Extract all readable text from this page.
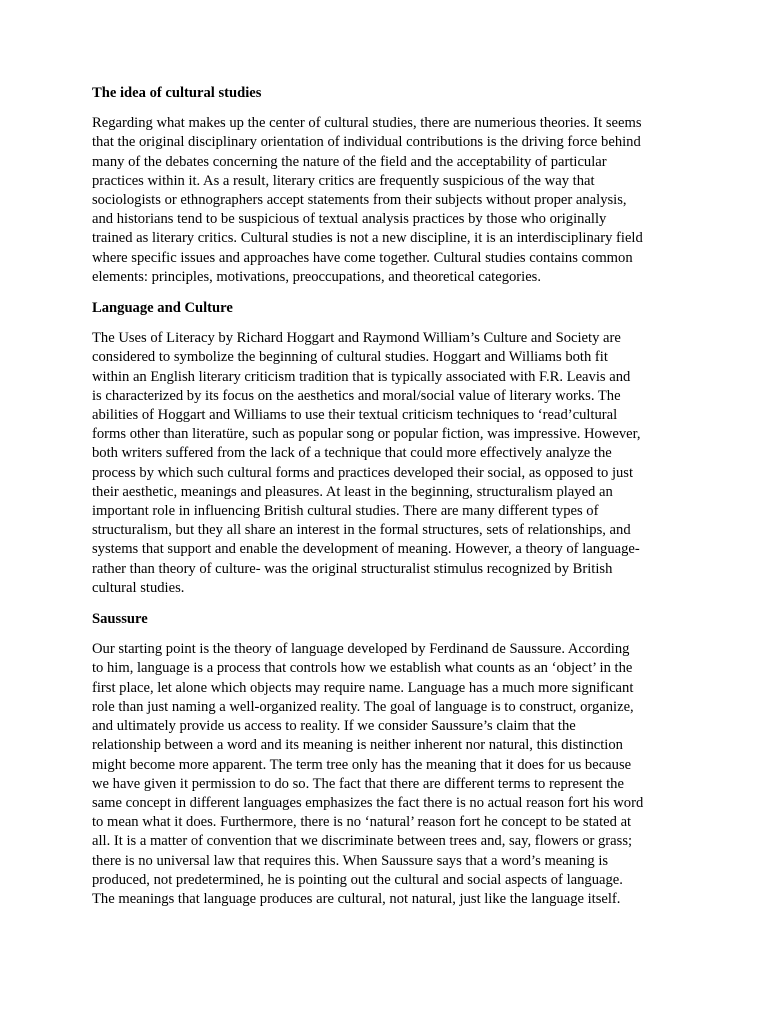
The idea of cultural studies

Regarding what makes up the center of cultural studies, there are numerious theories. It seems
that the original disciplinary orientation of individual contributions is the driving force behind
many of the debates concerning the nature of the field and the acceptability of particular
practices within it. As a result, literary critics are frequently suspicious of the way that
sociologists or ethnographers accept statements from their subjects without proper analysis,
and historians tend to be suspicious of textual analysis practices by those who originally
trained as literary critics. Cultural studies is not a new discipline, it is an interdisciplinary field
where specific issues and approaches have come together. Cultural studies contains common
elements: principles, motivations, preoccupations, and theoretical categories.

Language and Culture

The Uses of Literacy by Richard Hoggart and Raymond William’s Culture and Society are
considered to symbolize the beginning of cultural studies. Hoggart and Williams both fit
within an English literary criticism tradition that is typically associated with F.R. Leavis and
is characterized by its focus on the aesthetics and moral/social value of literary works. The
abilities of Hoggart and Williams to use their textual criticism techniques to ‘read’cultural
forms other than literatüre, such as popular song or popular fiction, was impressive. However,
both writers suffered from the lack of a technique that could more effectively analyze the
process by which such cultural forms and practices developed their social, as opposed to just
their aesthetic, meanings and pleasures. At least in the beginning, structuralism played an
important role in influencing British cultural studies. There are many different types of
structuralism, but they all share an interest in the formal structures, sets of relationships, and
systems that support and enable the development of meaning. However, a theory of language-
rather than theory of culture- was the original structuralist stimulus recognized by British
cultural studies.

Saussure

Our starting point is the theory of language developed by Ferdinand de Saussure. According
to him, language is a process that controls how we establish what counts as an ‘object’ in the
first place, let alone which objects may require name. Language has a much more significant
role than just naming a well-organized reality. The goal of language is to construct, organize,
and ultimately provide us access to reality. If we consider Saussure’s claim that the
relationship between a word and its meaning is neither inherent nor natural, this distinction
might become more apparent. The term tree only has the meaning that it does for us because
we have given it permission to do so. The fact that there are different terms to represent the
same concept in different languages emphasizes the fact there is no actual reason fort his word
to mean what it does. Furthermore, there is no ‘natural’ reason fort he concept to be stated at
all. It is a matter of convention that we discriminate between trees and, say, flowers or grass;
there is no universal law that requires this. When Saussure says that a word’s meaning is
produced, not predetermined, he is pointing out the cultural and social aspects of language.
The meanings that language produces are cultural, not natural, just like the language itself.
